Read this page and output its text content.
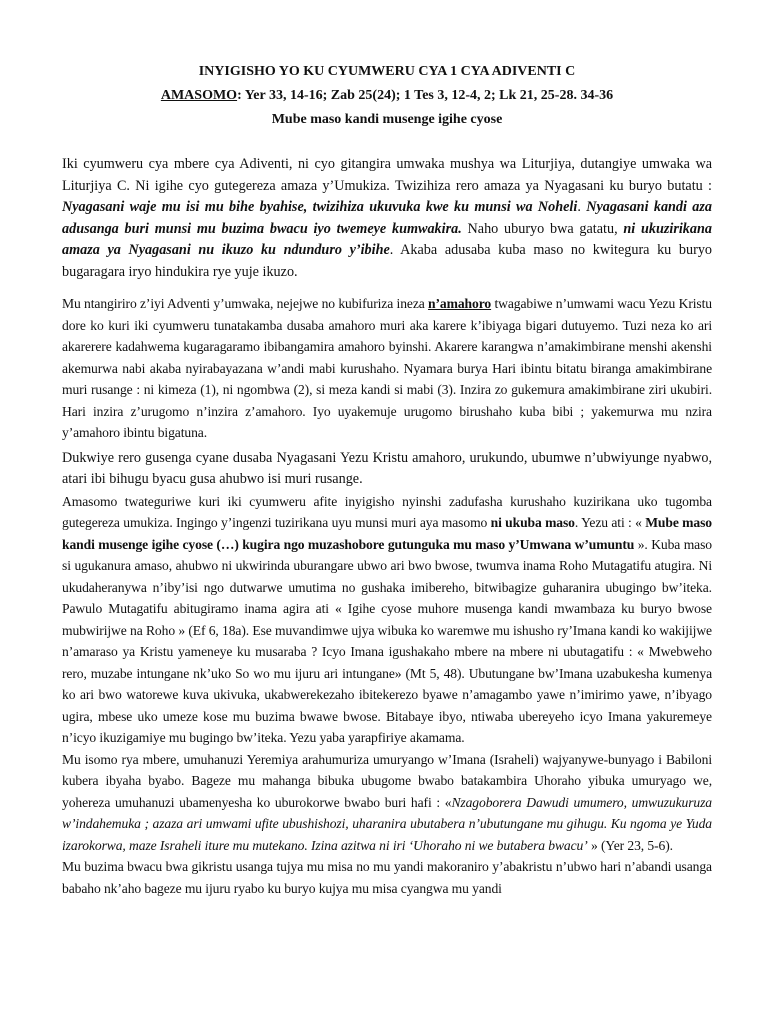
INYIGISHO YO KU CYUMWERU CYA 1 CYA ADIVENTI C
AMASOMO: Yer 33, 14-16; Zab 25(24); 1 Tes 3, 12-4, 2; Lk 21, 25-28. 34-36
Mube maso kandi musenge igihe cyose

Iki cyumweru cya mbere cya Adiventi, ni cyo gitangira umwaka mushya wa Liturjiya, dutangiye umwaka wa Liturjiya C. Ni igihe cyo gutegereza amaza y’Umukiza. Twizihiza rero amaza ya Nyagasani ku buryo butatu : Nyagasani waje mu isi mu bihe byahise, twizihiza ukuvuka kwe ku munsi wa Noheli. Nyagasani kandi aza adusanga buri munsi mu buzima bwacu iyo twemeye kumwakira. Naho uburyo bwa gatatu, ni ukuzirikana amaza ya Nyagasani nu ikuzo ku ndunduro y’ibihe. Akaba adusaba kuba maso no kwitegura ku buryo bugaragara iryo hindukira rye yuje ikuzo.

Mu ntangiriro z’iyi Adventi y’umwaka, nejejwe no kubifuriza ineza n’amahoro twagabiwe n’umwami wacu Yezu Kristu dore ko kuri iki cyumweru tunatakamba dusaba amahoro muri aka karere k’ibiyaga bigari dutuyemo. Tuzi neza ko ari akarerere kadahwema kugaragaramo ibibangamira amahoro byinshi. Akarere karangwa n’amakimbirane menshi akenshi akemurwa nabi akaba nyirabayazana w’andi mabi kurushaho. Nyamara burya Hari ibintu bitatu biranga amakimbirane muri rusange : ni kimeza (1), ni ngombwa (2), si meza kandi si mabi (3). Inzira zo gukemura amakimbirane ziri ukubiri. Hari inzira z’urugomo n’inzira z’amahoro. Iyo uyakemuje urugomo birushaho kuba bibi ; yakemurwa mu nzira y’amahoro ibintu bigatuna.

Dukwiye rero gusenga cyane dusaba Nyagasani Yezu Kristu amahoro, urukundo, ubumwe n’ubwiyunge nyabwo, atari ibi bihugu byacu gusa ahubwo isi muri rusange.

Amasomo twateguriwe kuri iki cyumweru afite inyigisho nyinshi zadufasha kurushaho kuzirikana uko tugomba gutegereza umukiza. Ingingo y’ingenzi tuzirikana uyu munsi muri aya masomo ni ukuba maso. Yezu ati : « Mube maso kandi musenge igihe cyose (…) kugira ngo muzashobore gutunguka mu maso y’Umwana w’umuntu ». Kuba maso si ugukanura amaso, ahubwo ni ukwirinda uburangare ubwo ari bwo bwose, twumva inama Roho Mutagatifu atugira. Ni ukudaheranywa n’iby’isi ngo dutwarwe umutima no gushaka imibereho, bitwibagize guharanira ubugingo bw’iteka. Pawulo Mutagatifu abitugiramo inama agira ati « Igihe cyose muhore musenga kandi mwambaza ku buryo bwose mubwirijwe na Roho » (Ef 6, 18a). Ese muvandimwe ujya wibuka ko waremwe mu ishusho ry’Imana kandi ko wakijijwe n’amaraso ya Kristu yameneye ku musaraba ? Icyo Imana igushakaho mbere na mbere ni ubutagatifu : « Mwebweho rero, muzabe intungane nk’uko So wo mu ijuru ari intungane» (Mt 5, 48). Ubutungane bw’Imana uzabukesha kumenya ko ari bwo watorewe kuva ukivuka, ukabwerekezaho ibitekerezo byawe n’amagambo yawe n’imirimo yawe, n’ibyago ugira, mbese uko umeze kose mu buzima bwawe bwose. Bitabaye ibyo, ntiwaba ubereyeho icyo Imana yakuremeye n’icyo ikuzigamiye mu bugingo bw’iteka. Yezu yaba yarapfiriye akamama.

Mu isomo rya mbere, umuhanuzi Yeremiya arahumuriza umuryango w’Imana (Israheli) wajyanywe-bunyago i Babiloni kubera ibyaha byabo. Bageze mu mahanga bibuka ubugome bwabo batakambira Uhoraho yibuka umuryago we, yohereza umuhanuzi ubamenyesha ko uburokorwe bwabo buri hafi : «Nzagoborera Dawudi umumero, umwuzukuruza w’indahemuka ; azaza ari umwami ufite ubushishozi, uharanira ubutabera n’ubutungane mu gihugu. Ku ngoma ye Yuda izarokorwa, maze Israheli iture mu mutekano. Izina azitwa ni iri ‘Uhoraho ni we butabera bwacu’ » (Yer 23, 5-6).

Mu buzima bwacu bwa gikristu usanga tujya mu misa no mu yandi makoraniro y’abakristu n’ubwo hari n’abandi usanga babaho nk’aho bageze mu ijuru ryabo ku buryo kujya mu misa cyangwa mu yandi
